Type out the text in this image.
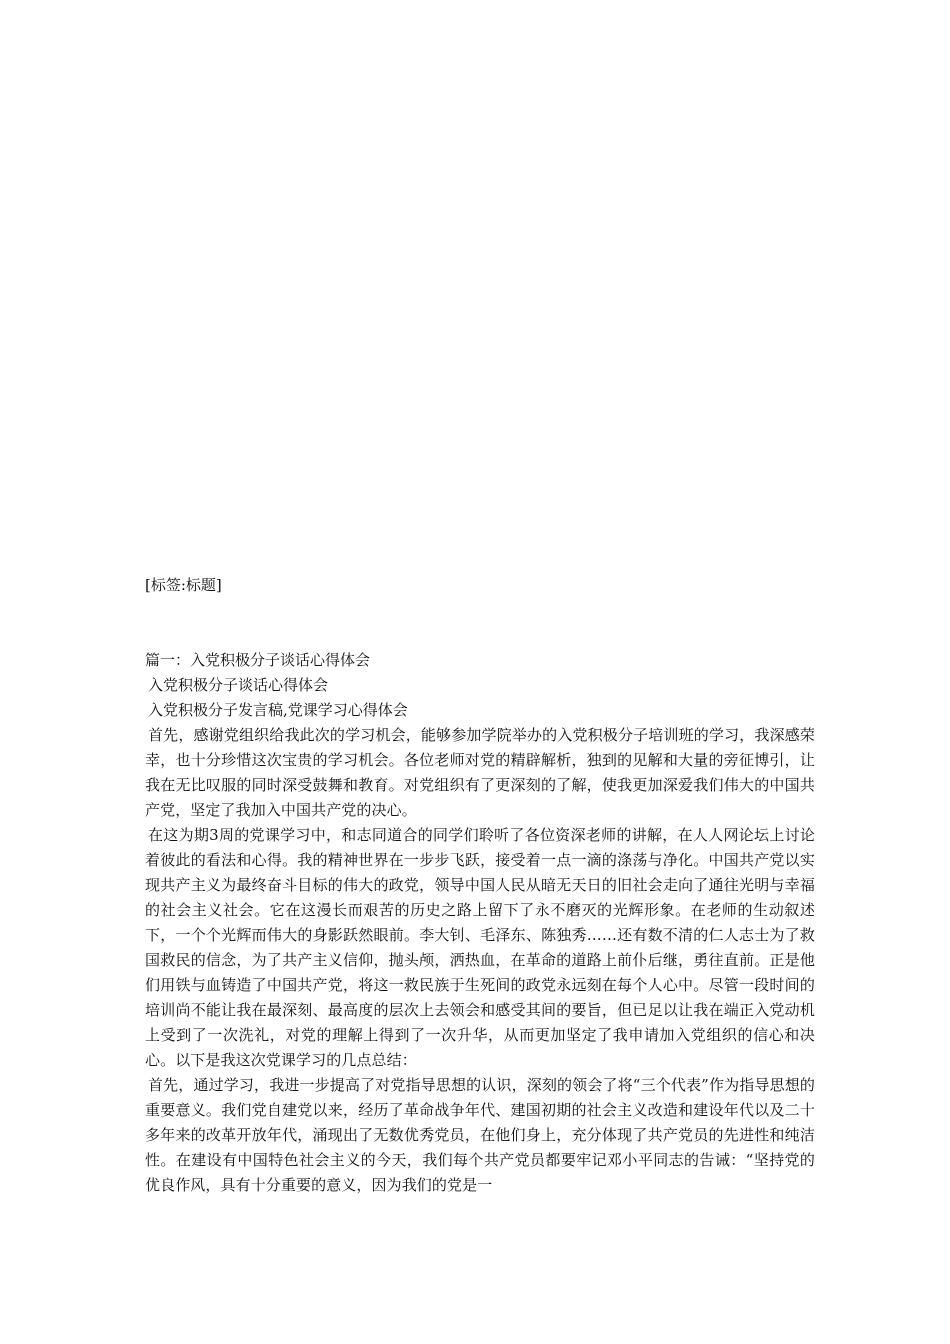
[标签:标题]
篇一：入党积极分子谈话心得体会
入党积极分子谈话心得体会
入党积极分子发言稿,党课学习心得体会

首先，感谢党组织给我此次的学习机会，能够参加学院举办的入党积极分子培训班的学习，我深感荣幸，也十分珍惜这次宝贵的学习机会。各位老师对党的精辟解析，独到的见解和大量的旁征博引，让我在无比叹服的同时深受鼓舞和教育。对党组织有了更深刻的了解，使我更加深爱我们伟大的中国共产党，坚定了我加入中国共产党的决心。

在这为期3周的党课学习中，和志同道合的同学们聆听了各位资深老师的讲解，在人人网论坛上讨论着彼此的看法和心得。我的精神世界在一步步飞跃，接受着一点一滴的涤荡与净化。中国共产党以实现共产主义为最终奋斗目标的伟大的政党，领导中国人民从暗无天日的旧社会走向了通往光明与幸福的社会主义社会。它在这漫长而艰苦的历史之路上留下了永不磨灭的光辉形象。在老师的生动叙述下，一个个光辉而伟大的身影跃然眼前。李大钊、毛泽东、陈独秀……还有数不清的仁人志士为了救国救民的信念，为了共产主义信仰，抛头颅，洒热血，在革命的道路上前仆后继，勇往直前。正是他们用铁与血铸造了中国共产党，将这一救民族于生死间的政党永远刻在每个人心中。尽管一段时间的培训尚不能让我在最深刻、最高度的层次上去领会和感受其间的要旨，但已足以让我在端正入党动机上受到了一次洗礼，对党的理解上得到了一次升华，从而更加坚定了我申请加入党组织的信心和决心。以下是我这次党课学习的几点总结：

首先，通过学习，我进一步提高了对党指导思想的认识，深刻的领会了将“三个代表”作为指导思想的重要意义。我们党自建党以来，经历了革命战争年代、建国初期的社会主义改造和建设年代以及二十多年来的改革开放年代，涌现出了无数优秀党员，在他们身上，充分体现了共产党员的先进性和纯洁性。在建设有中国特色社会主义的今天，我们每个共产党员都要牢记邓小平同志的告诫：“坚持党的优良作风，具有十分重要的意义，因为我们的党是一
